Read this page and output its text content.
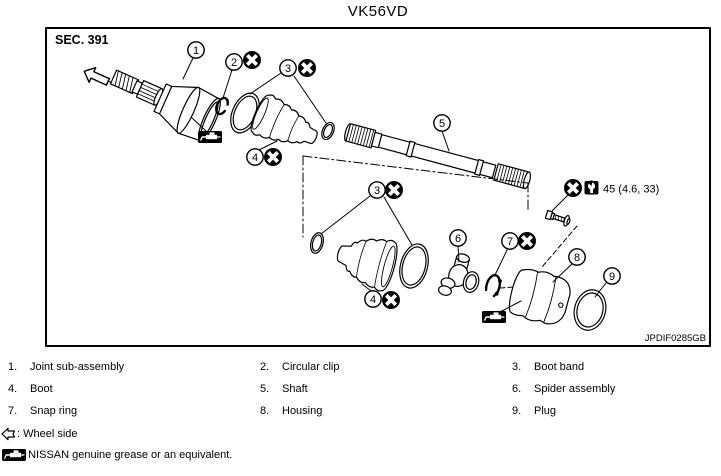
VK56VD
SEC. 391
45 (4.6, 33)
1
2	3
4
5
3
6	7
8
9
4
JPDIF0285GB
1.	Joint sub-assembly	2.	Circular clip	3.	Boot band
4.	Boot	5.	Shaft	6.	Spider assembly
7.	Snap ring	8.	Housing	9.	Plug
: Wheel side
: NISSAN genuine grease or an equivalent.
